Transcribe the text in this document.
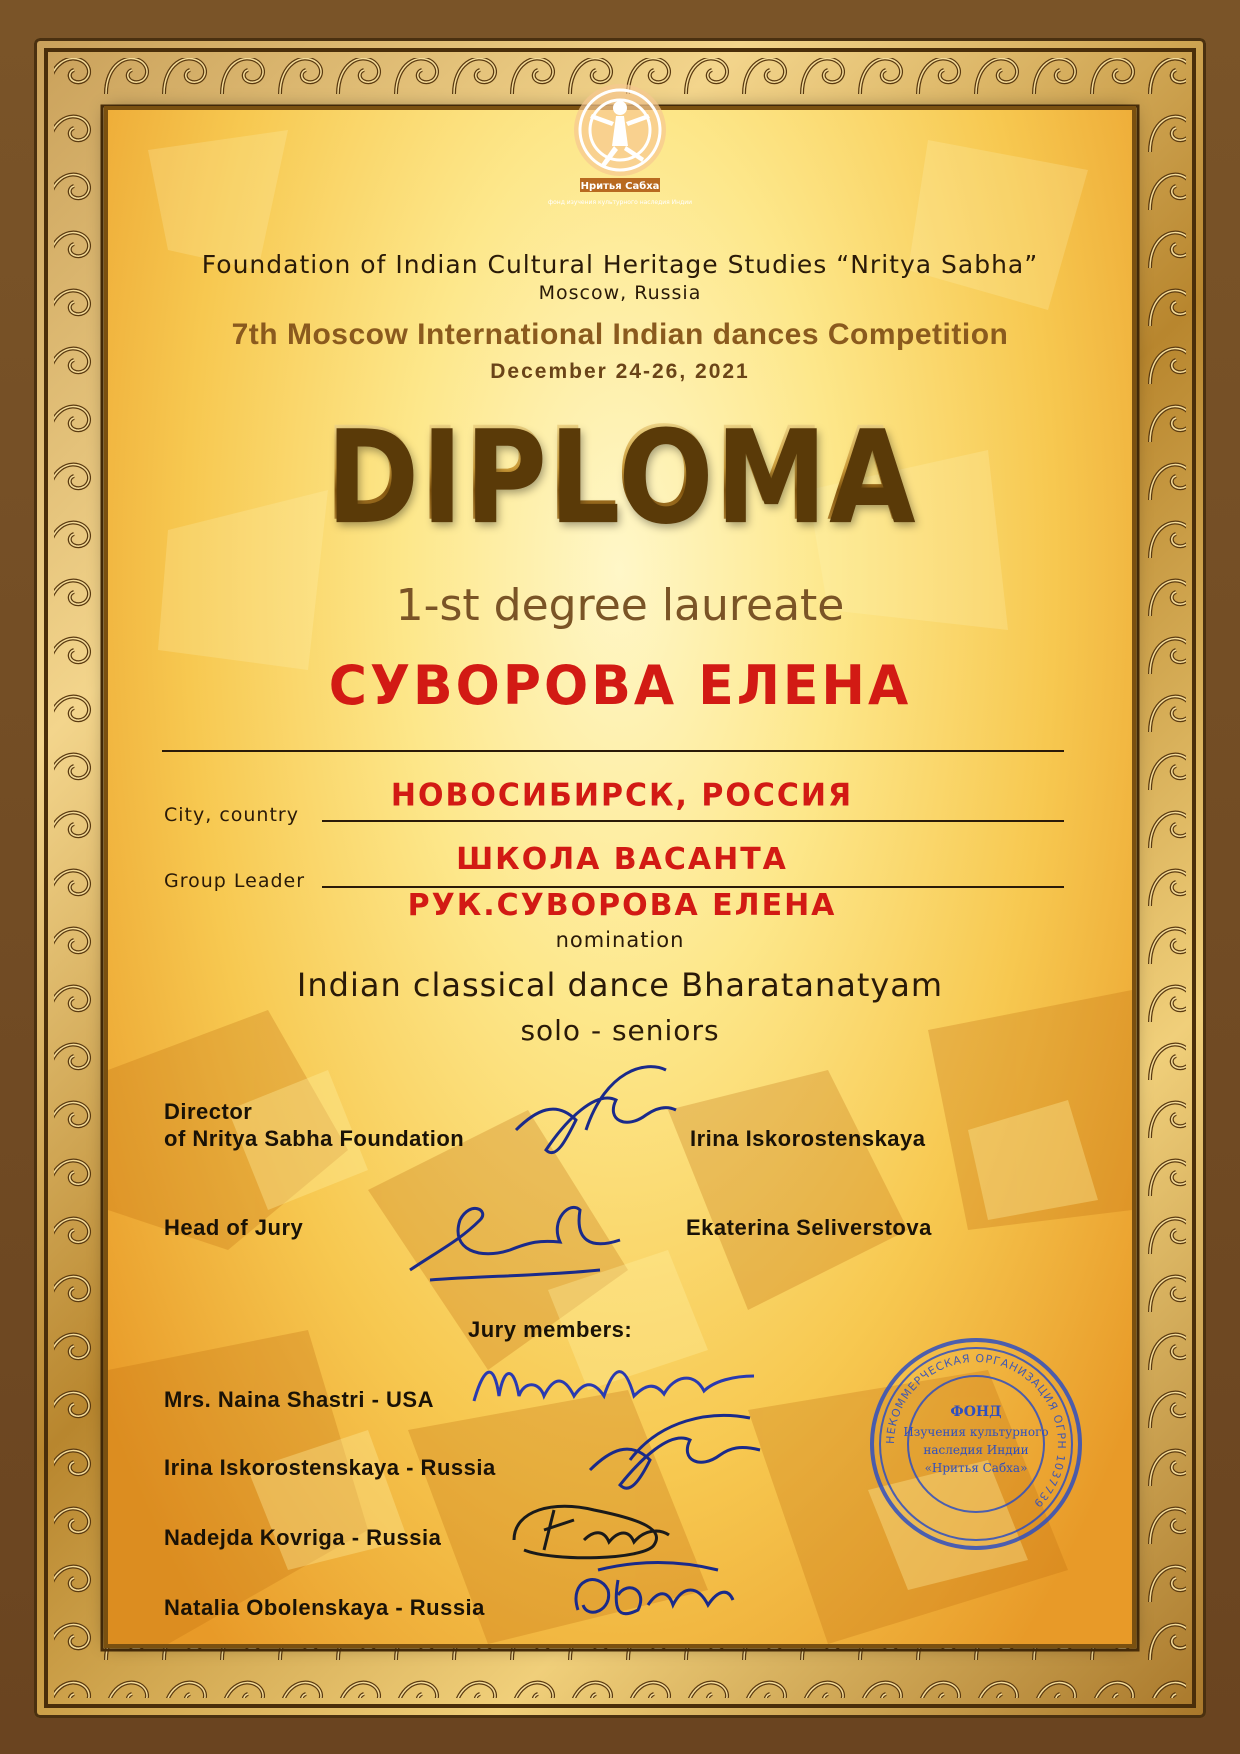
Нритья Сабха
фонд изучения культурного наследия Индии
Foundation of Indian Cultural Heritage Studies “Nritya Sabha”
Moscow, Russia
7th Moscow International Indian dances Competition
December 24-26, 2021
DIPLOMA
1-st degree laureate
СУВОРОВА ЕЛЕНА
City, country
НОВОСИБИРСК, РОССИЯ
Group Leader
ШКОЛА ВАСАНТА
РУК.СУВОРОВА ЕЛЕНА
nomination
Indian classical dance Bharatanatyam
solo - seniors
Director
of Nritya Sabha Foundation	Irina Iskorostenskaya
Head of Jury	Ekaterina Seliverstova
Jury members:
Mrs. Naina Shastri - USA
Irina Iskorostenskaya - Russia
Nadejda Kovriga - Russia
Natalia Obolenskaya - Russia
НЕКОММЕРЧЕСКАЯ ОРГАНИЗАЦИЯ ОГРН 1037739
ФОНД
Изучения культурного
наследия Индии
«Нритья Сабха»
